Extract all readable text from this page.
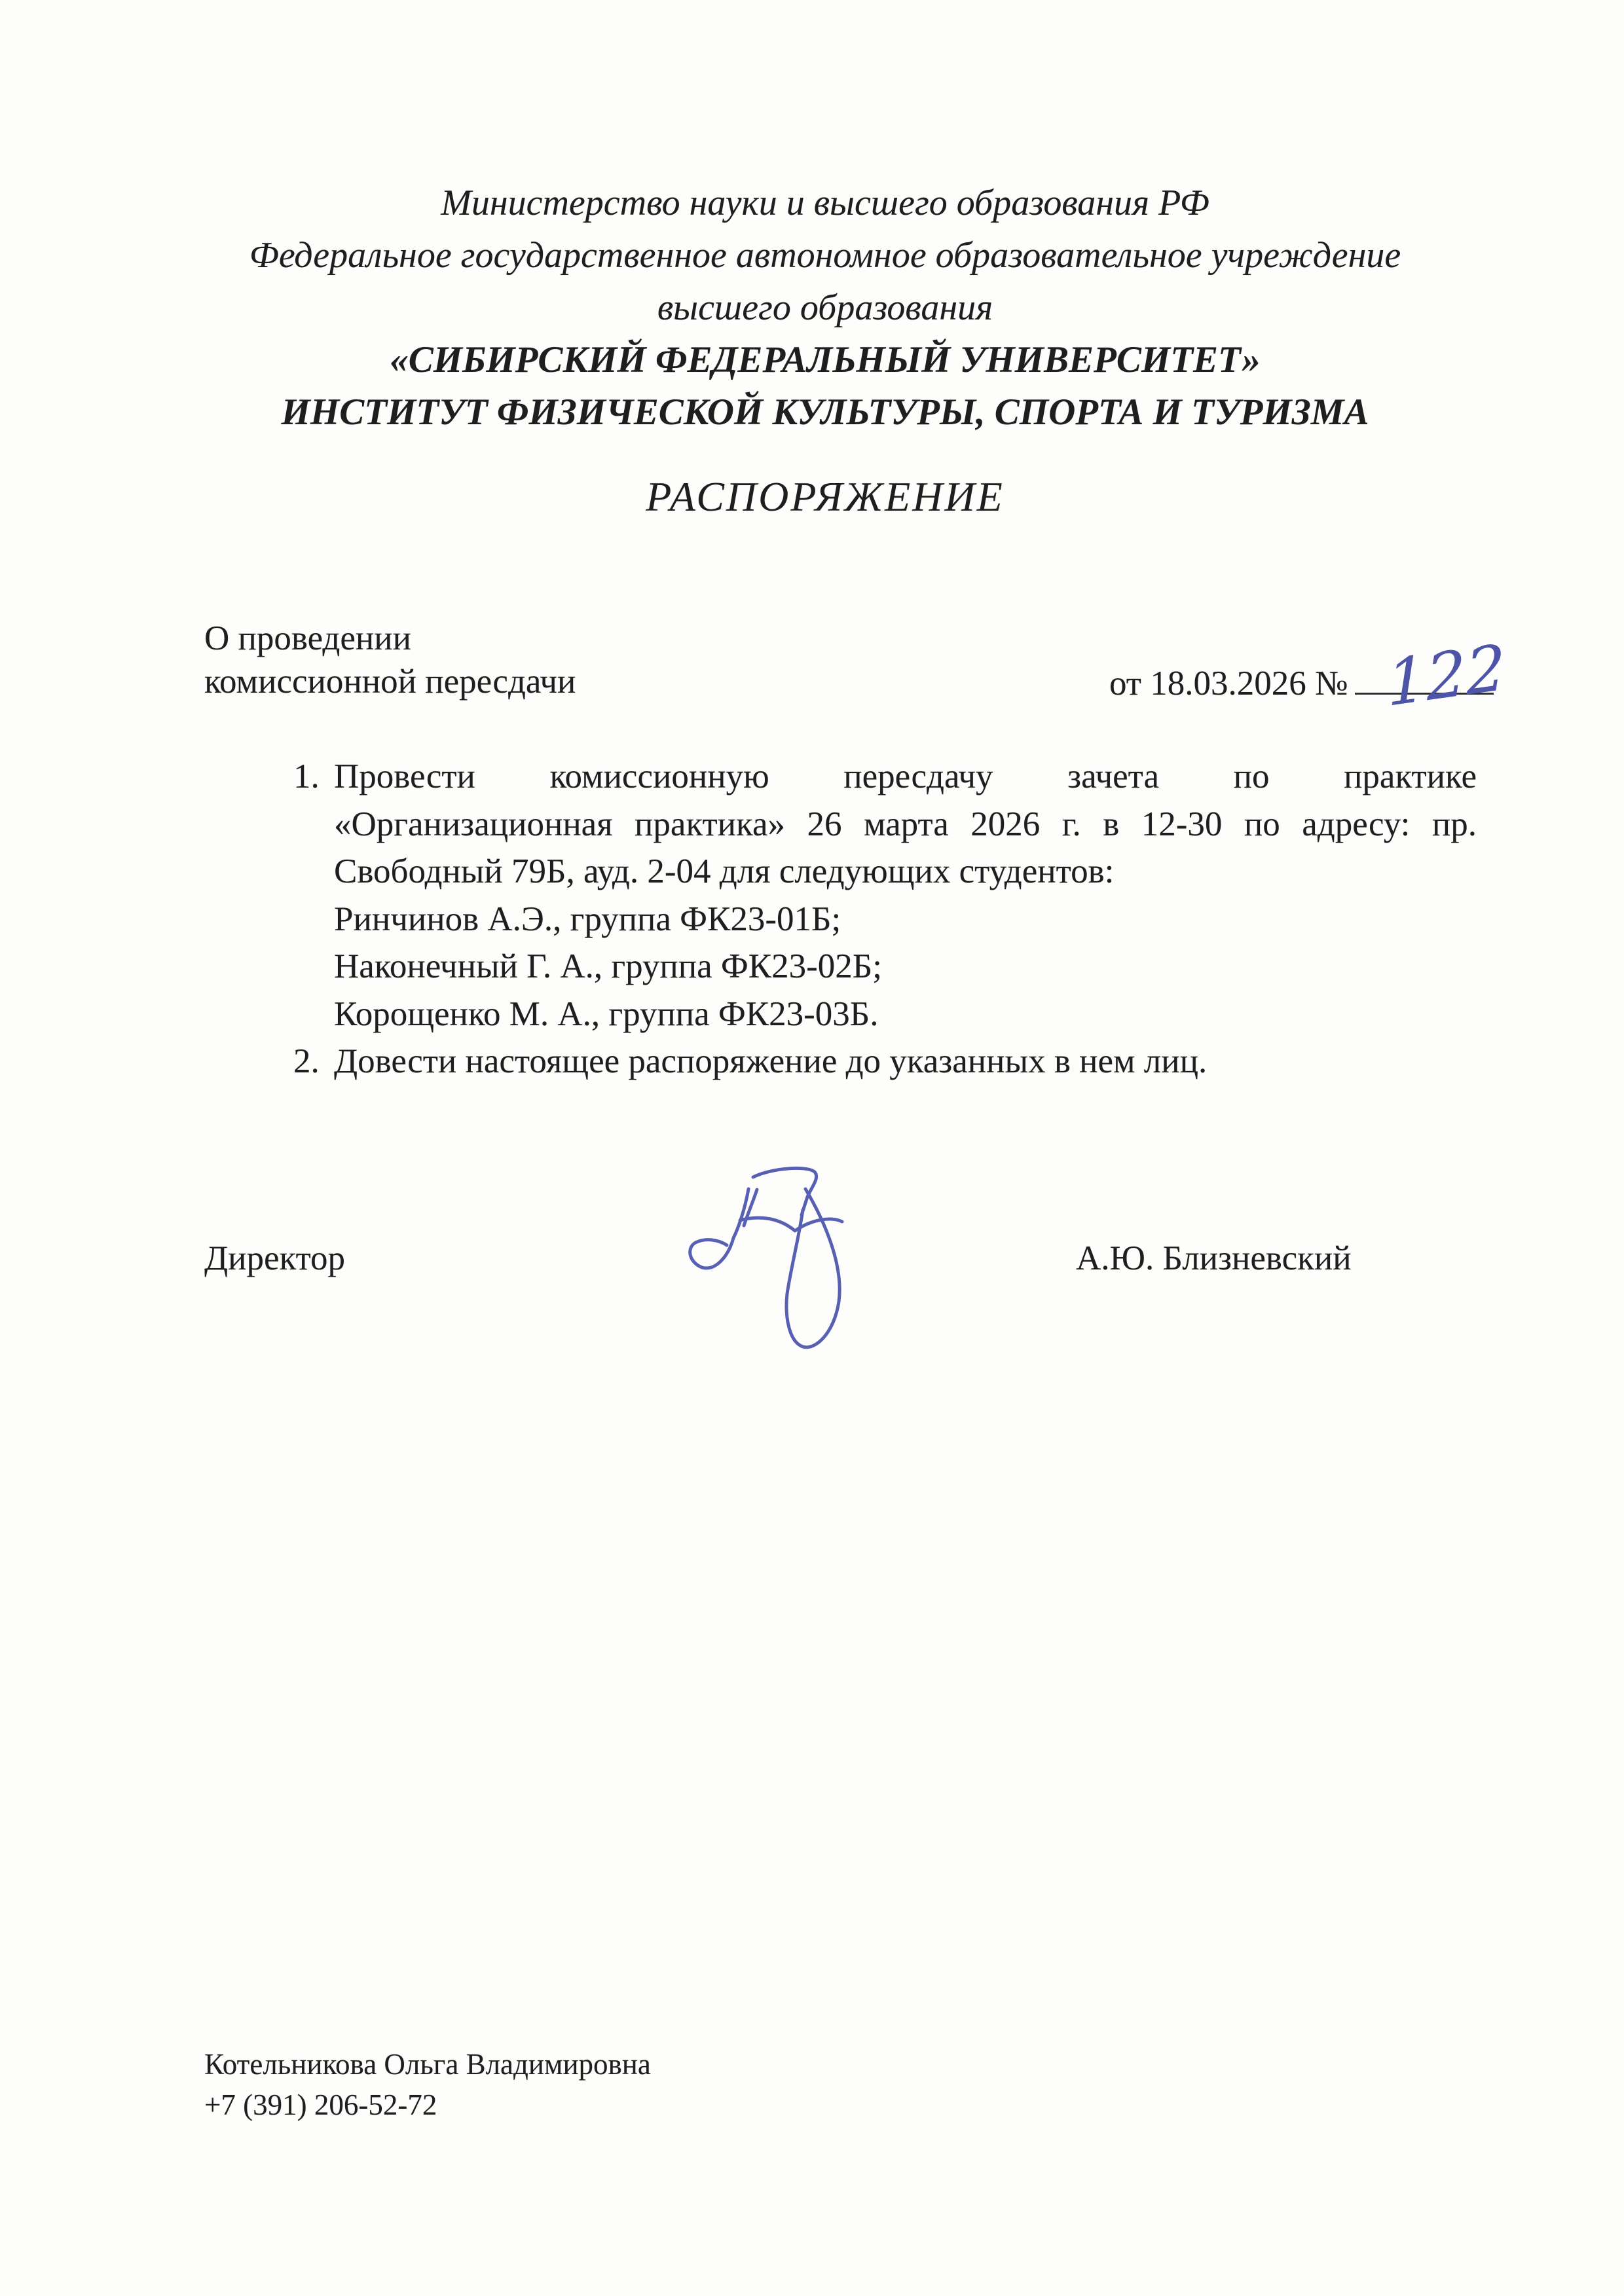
Министерство науки и высшего образования РФ
Федеральное государственное автономное образовательное учреждение
высшего образования
«СИБИРСКИЙ ФЕДЕРАЛЬНЫЙ УНИВЕРСИТЕТ»
ИНСТИТУТ ФИЗИЧЕСКОЙ КУЛЬТУРЫ, СПОРТА И ТУРИЗМА
РАСПОРЯЖЕНИЕ
О проведении
комиссионной пересдачи	от 18.03.2026 № 122
1. Провести комиссионную пересдачу зачета по практике
«Организационная практика» 26 марта 2026 г. в 12-30 по адресу: пр.
Свободный 79Б, ауд. 2-04 для следующих студентов:
Ринчинов А.Э., группа ФК23-01Б;
Наконечный Г. А., группа ФК23-02Б;
Корощенко М. А., группа ФК23-03Б.
2. Довести настоящее распоряжение до указанных в нем лиц.
Директор	А.Ю. Близневский
Котельникова Ольга Владимировна
+7 (391) 206-52-72
